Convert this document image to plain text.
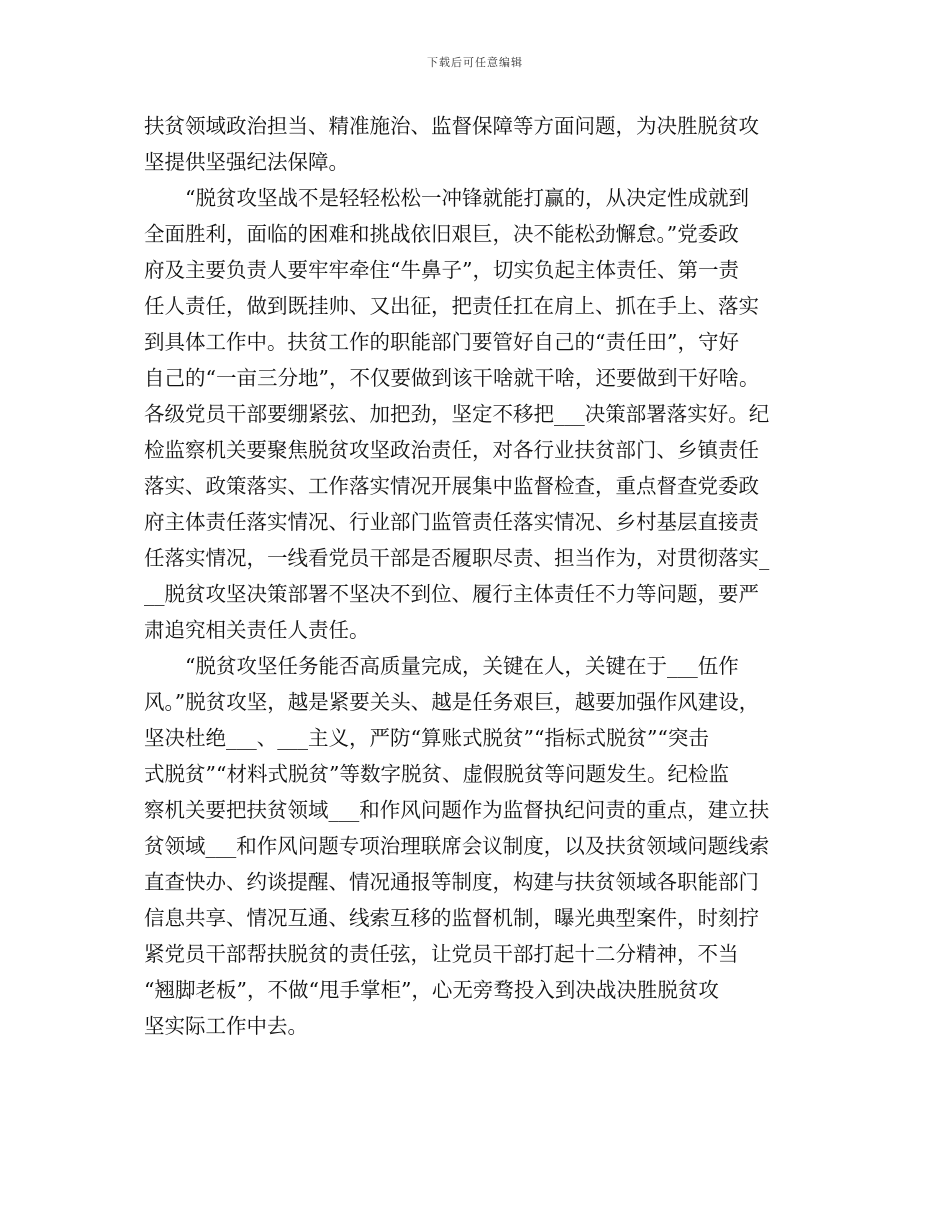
下载后可任意编辑
扶贫领域政治担当、精准施治、监督保障等方面问题，为决胜脱贫攻
坚提供坚强纪法保障。
　　“脱贫攻坚战不是轻轻松松一冲锋就能打赢的，从决定性成就到
全面胜利，面临的困难和挑战依旧艰巨，决不能松劲懈怠。”党委政
府及主要负责人要牢牢牵住“牛鼻子”，切实负起主体责任、第一责
任人责任，做到既挂帅、又出征，把责任扛在肩上、抓在手上、落实
到具体工作中。扶贫工作的职能部门要管好自己的“责任田”，守好
自己的“一亩三分地”，不仅要做到该干啥就干啥，还要做到干好啥。
各级党员干部要绷紧弦、加把劲，坚定不移把___决策部署落实好。纪
检监察机关要聚焦脱贫攻坚政治责任，对各行业扶贫部门、乡镇责任
落实、政策落实、工作落实情况开展集中监督检查，重点督查党委政
府主体责任落实情况、行业部门监管责任落实情况、乡村基层直接责
任落实情况，一线看党员干部是否履职尽责、担当作为，对贯彻落实_
__脱贫攻坚决策部署不坚决不到位、履行主体责任不力等问题，要严
肃追究相关责任人责任。
　　“脱贫攻坚任务能否高质量完成，关键在人，关键在于___伍作
风。”脱贫攻坚，越是紧要关头、越是任务艰巨，越要加强作风建设，
坚决杜绝___、___主义，严防“算账式脱贫”“指标式脱贫”“突击
式脱贫”“材料式脱贫”等数字脱贫、虚假脱贫等问题发生。纪检监
察机关要把扶贫领域___和作风问题作为监督执纪问责的重点，建立扶
贫领域___和作风问题专项治理联席会议制度，以及扶贫领域问题线索
直查快办、约谈提醒、情况通报等制度，构建与扶贫领域各职能部门
信息共享、情况互通、线索互移的监督机制，曝光典型案件，时刻拧
紧党员干部帮扶脱贫的责任弦，让党员干部打起十二分精神，不当
“翘脚老板”，不做“甩手掌柜”，心无旁骛投入到决战决胜脱贫攻
坚实际工作中去。
